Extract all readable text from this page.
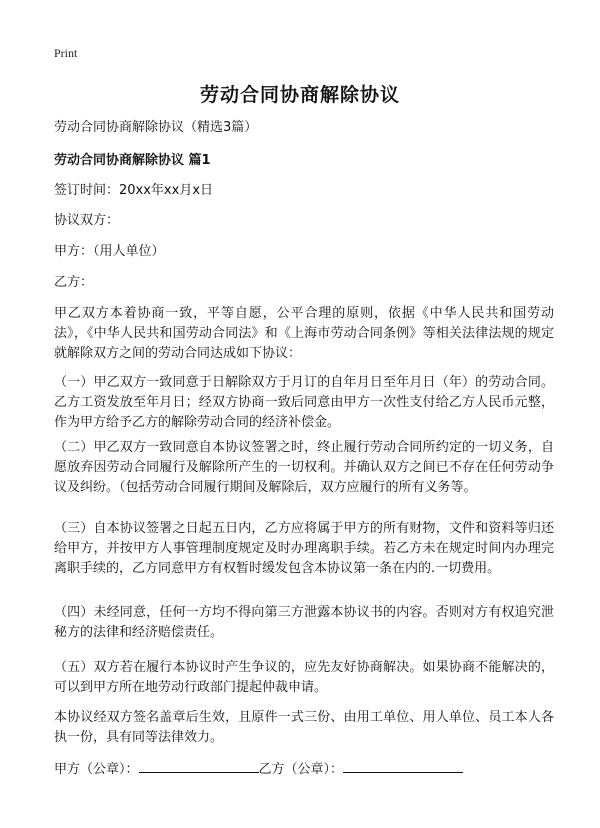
Print
劳动合同协商解除协议
劳动合同协商解除协议（精选3篇）
劳动合同协商解除协议 篇1
签订时间：20xx年xx月x日
协议双方：
甲方：（用人单位）
乙方：
甲乙双方本着协商一致，平等自愿，公平合理的原则，依据《中华人民共和国劳动法》，《中华人民共和国劳动合同法》和《上海市劳动合同条例》等相关法律法规的规定就解除双方之间的劳动合同达成如下协议：
（一）甲乙双方一致同意于日解除双方于月订的自年月日至年月日（年）的劳动合同。乙方工资发放至年月日；经双方协商一致后同意由甲方一次性支付给乙方人民币元整，作为甲方给予乙方的解除劳动合同的经济补偿金。
（二）甲乙双方一致同意自本协议签署之时，终止履行劳动合同所约定的一切义务，自愿放弃因劳动合同履行及解除所产生的一切权利。并确认双方之间已不存在任何劳动争议及纠纷。（包括劳动合同履行期间及解除后，双方应履行的所有义务等。
（三）自本协议签署之日起五日内，乙方应将属于甲方的所有财物，文件和资料等归还给甲方，并按甲方人事管理制度规定及时办理离职手续。若乙方未在规定时间内办理完离职手续的，乙方同意甲方有权暂时缓发包含本协议第一条在内的.一切费用。
（四）未经同意，任何一方均不得向第三方泄露本协议书的内容。否则对方有权追究泄秘方的法律和经济赔偿责任。
（五）双方若在履行本协议时产生争议的，应先友好协商解决。如果协商不能解决的，可以到甲方所在地劳动行政部门提起仲裁申请。
本协议经双方签名盖章后生效，且原件一式三份、由用工单位、用人单位、员工本人各执一份，具有同等法律效力。
甲方（公章）：	乙方（公章）：
